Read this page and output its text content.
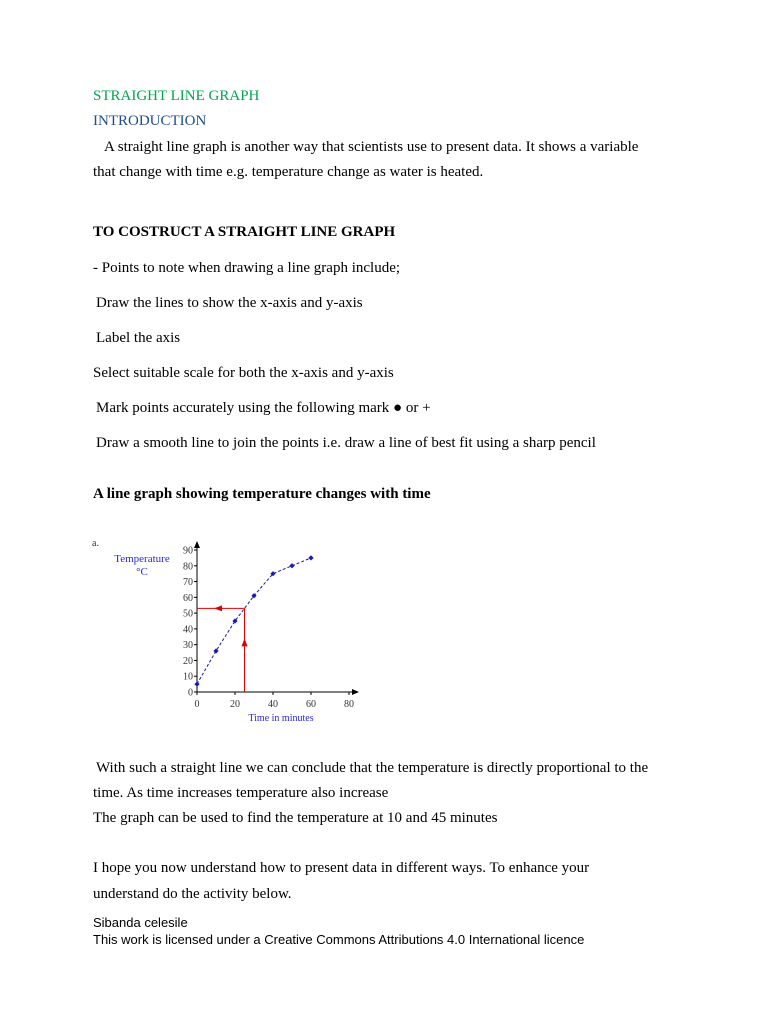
STRAIGHT LINE GRAPH
INTRODUCTION
A straight line graph is another way that scientists use to present data. It shows a variable
that change with time e.g. temperature change as water is heated.
TO COSTRUCT A STRAIGHT LINE GRAPH
- Points to note when drawing a line graph include;
Draw the lines to show the x-axis and y-axis
Label the axis
Select suitable scale for both the x-axis and y-axis
Mark points accurately using the following mark ● or +
Draw a smooth line to join the points i.e. draw a line of best fit using a sharp pencil
A line graph showing temperature changes with time
a.
Temperature
°C
0
10
20
30
40
50
60
70
80
90
0	20	40	60	80
Time in minutes
With such a straight line we can conclude that the temperature is directly proportional to the
time. As time increases temperature also increase
The graph can be used to find the temperature at 10 and 45 minutes
I hope you now understand how to present data in different ways. To enhance your
understand do the activity below.
Sibanda celesile
This work is licensed under a Creative Commons Attributions 4.0 International licence
